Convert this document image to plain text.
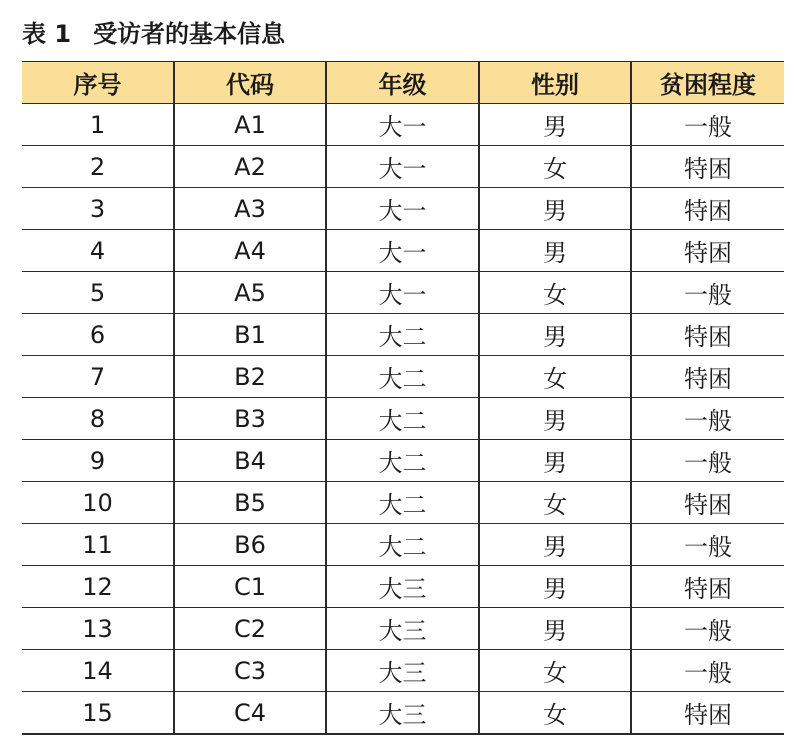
表 1 受访者的基本信息
序号	代码	年级	性别	贫困程度
1	A1	大一	男	一般
2	A2	大一	女	特困
3	A3	大一	男	特困
4	A4	大一	男	特困
5	A5	大一	女	一般
6	B1	大二	男	特困
7	B2	大二	女	特困
8	B3	大二	男	一般
9	B4	大二	男	一般
10	B5	大二	女	特困
11	B6	大二	男	一般
12	C1	大三	男	特困
13	C2	大三	男	一般
14	C3	大三	女	一般
15	C4	大三	女	特困
